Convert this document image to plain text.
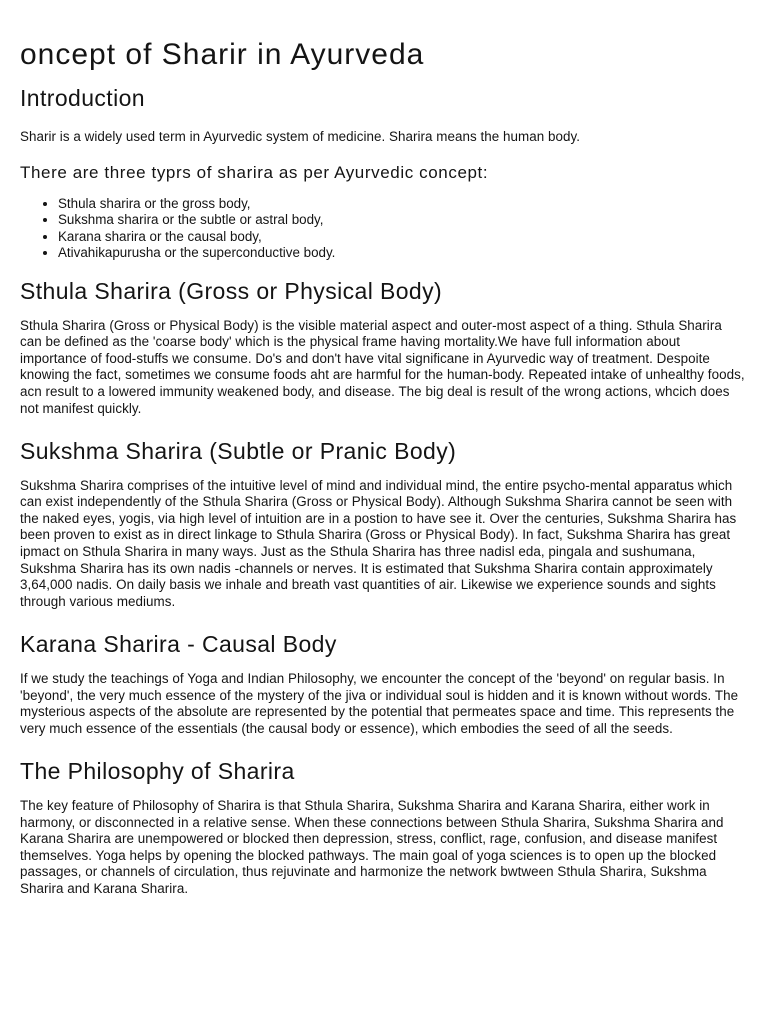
oncept of Sharir in Ayurveda
Introduction

Sharir is a widely used term in Ayurvedic system of medicine. Sharira means the human body.

There are three typrs of sharira as per Ayurvedic concept:
• Sthula sharira or the gross body,
• Sukshma sharira or the subtle or astral body,
• Karana sharira or the causal body,
• Ativahikapurusha or the superconductive body.
Sthula Sharira (Gross or Physical Body)

Sthula Sharira (Gross or Physical Body) is the visible material aspect and outer-most aspect of a thing. Sthula Sharira can be defined as the 'coarse body' which is the physical frame having mortality.We have full information about importance of food-stuffs we consume. Do's and don't have vital significane in Ayurvedic way of treatment. Despoite knowing the fact, sometimes we consume foods aht are harmful for the human-body. Repeated intake of unhealthy foods, acn result to a lowered immunity weakened body, and disease. The big deal is result of the wrong actions, whcich does not manifest quickly.

Sukshma Sharira (Subtle or Pranic Body)

Sukshma Sharira comprises of the intuitive level of mind and individual mind, the entire psycho-mental apparatus which can exist independently of the Sthula Sharira (Gross or Physical Body). Although Sukshma Sharira cannot be seen with the naked eyes, yogis, via high level of intuition are in a postion to have see it. Over the centuries, Sukshma Sharira has been proven to exist as in direct linkage to Sthula Sharira (Gross or Physical Body). In fact, Sukshma Sharira has great ipmact on Sthula Sharira in many ways. Just as the Sthula Sharira has three nadisl eda, pingala and sushumana, Sukshma Sharira has its own nadis -channels or nerves. It is estimated that Sukshma Sharira contain approximately 3,64,000 nadis. On daily basis we inhale and breath vast quantities of air. Likewise we experience sounds and sights through various mediums.

Karana Sharira - Causal Body

If we study the teachings of Yoga and Indian Philosophy, we encounter the concept of the 'beyond' on regular basis. In 'beyond', the very much essence of the mystery of the jiva or individual soul is hidden and it is known without words. The mysterious aspects of the absolute are represented by the potential that permeates space and time. This represents the very much essence of the essentials (the causal body or essence), which embodies the seed of all the seeds.

The Philosophy of Sharira

The key feature of Philosophy of Sharira is that Sthula Sharira, Sukshma Sharira and Karana Sharira, either work in harmony, or disconnected in a relative sense. When these connections between Sthula Sharira, Sukshma Sharira and Karana Sharira are unempowered or blocked then depression, stress, conflict, rage, confusion, and disease manifest themselves. Yoga helps by opening the blocked pathways. The main goal of yoga sciences is to open up the blocked passages, or channels of circulation, thus rejuvinate and harmonize the network bwtween Sthula Sharira, Sukshma Sharira and Karana Sharira.
